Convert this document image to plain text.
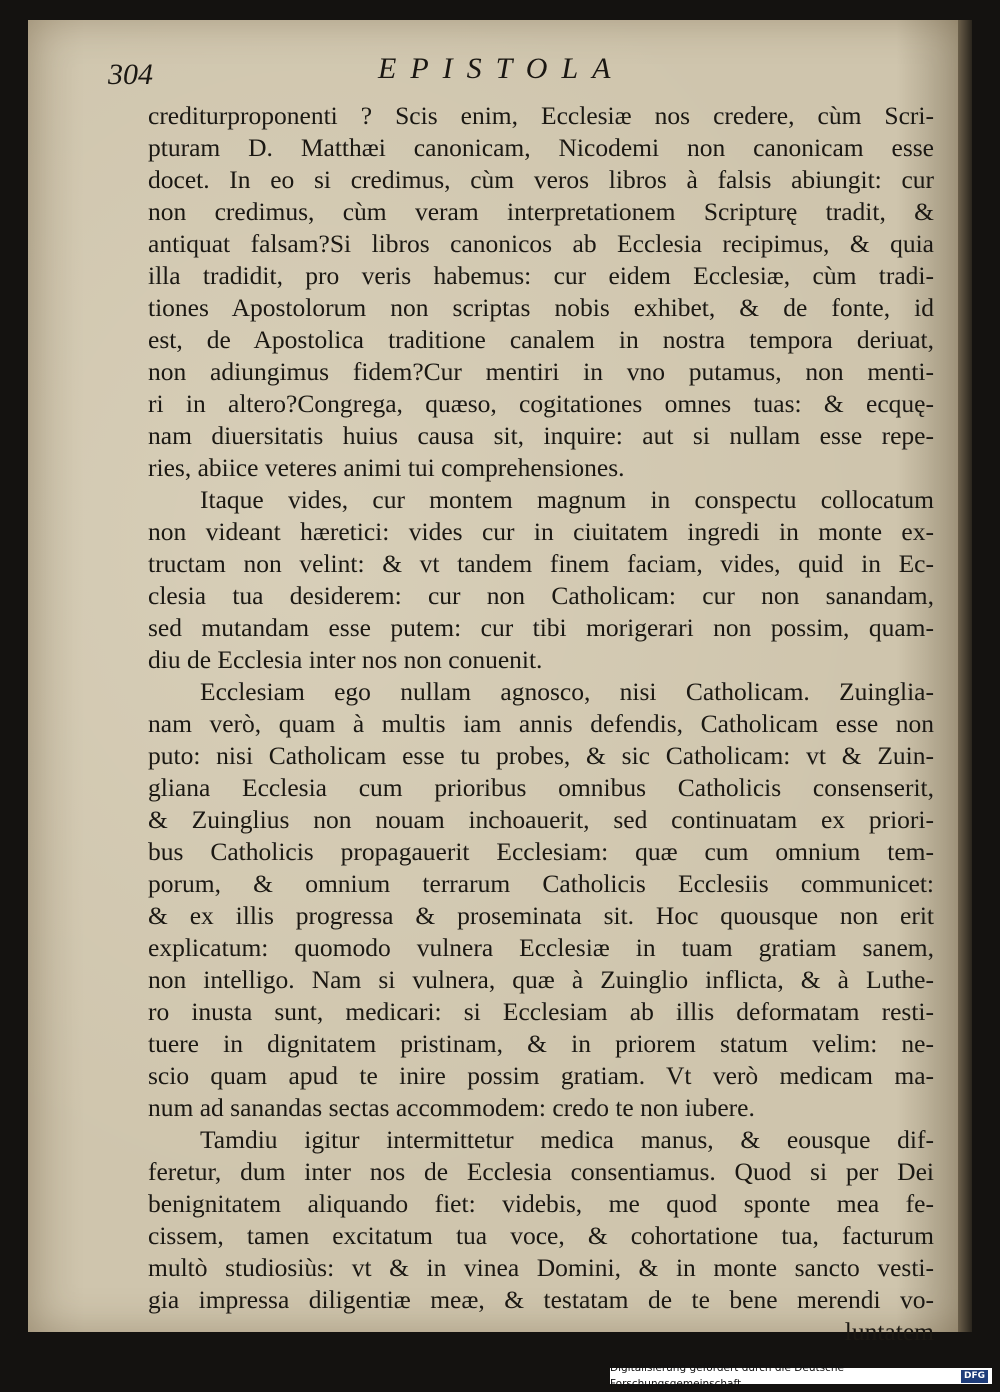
304	EPISTOLA
crediturproponenti ? Scis enim, Ecclesiæ nos credere, cùm Scri-
pturam D. Matthæi canonicam, Nicodemi non canonicam esse
docet. In eo si credimus, cùm veros libros à falsis abiungit: cur
non credimus, cùm veram interpretationem Scripturę tradit, &
antiquat falsam?Si libros canonicos ab Ecclesia recipimus, & quia
illa tradidit, pro veris habemus: cur eidem Ecclesiæ, cùm tradi-
tiones Apostolorum non scriptas nobis exhibet, & de fonte, id
est, de Apostolica traditione canalem in nostra tempora deriuat,
non adiungimus fidem?Cur mentiri in vno putamus, non menti-
ri in altero?Congrega, quæso, cogitationes omnes tuas: & ecquę-
nam diuersitatis huius causa sit, inquire: aut si nullam esse repe-
ries, abiice veteres animi tui comprehensiones.
Itaque vides, cur montem magnum in conspectu collocatum
non videant hæretici: vides cur in ciuitatem ingredi in monte ex-
tructam non velint: & vt tandem finem faciam, vides, quid in Ec-
clesia tua desiderem: cur non Catholicam: cur non sanandam,
sed mutandam esse putem: cur tibi morigerari non possim, quam-
diu de Ecclesia inter nos non conuenit.
Ecclesiam ego nullam agnosco, nisi Catholicam. Zuinglia-
nam verò, quam à multis iam annis defendis, Catholicam esse non
puto: nisi Catholicam esse tu probes, & sic Catholicam: vt & Zuin-
gliana Ecclesia cum prioribus omnibus Catholicis consenserit,
& Zuinglius non nouam inchoauerit, sed continuatam ex priori-
bus Catholicis propagauerit Ecclesiam: quæ cum omnium tem-
porum, & omnium terrarum Catholicis Ecclesiis communicet:
& ex illis progressa & proseminata sit. Hoc quousque non erit
explicatum: quomodo vulnera Ecclesiæ in tuam gratiam sanem,
non intelligo. Nam si vulnera, quæ à Zuinglio inflicta, & à Luthe-
ro inusta sunt, medicari: si Ecclesiam ab illis deformatam resti-
tuere in dignitatem pristinam, & in priorem statum velim: ne-
scio quam apud te inire possim gratiam. Vt verò medicam ma-
num ad sanandas sectas accommodem: credo te non iubere.
Tamdiu igitur intermittetur medica manus, & eousque dif-
feretur, dum inter nos de Ecclesia consentiamus. Quod si per Dei
benignitatem aliquando fiet: videbis, me quod sponte mea fe-
cissem, tamen excitatum tua voce, & cohortatione tua, facturum
multò studiosiùs: vt & in vinea Domini, & in monte sancto vesti-
gia impressa diligentiæ meæ, & testatam de te bene merendi vo-
luntatem
Digitalisierung gefördert durch die Deutsche Forschungsgemeinschaft
DFG
